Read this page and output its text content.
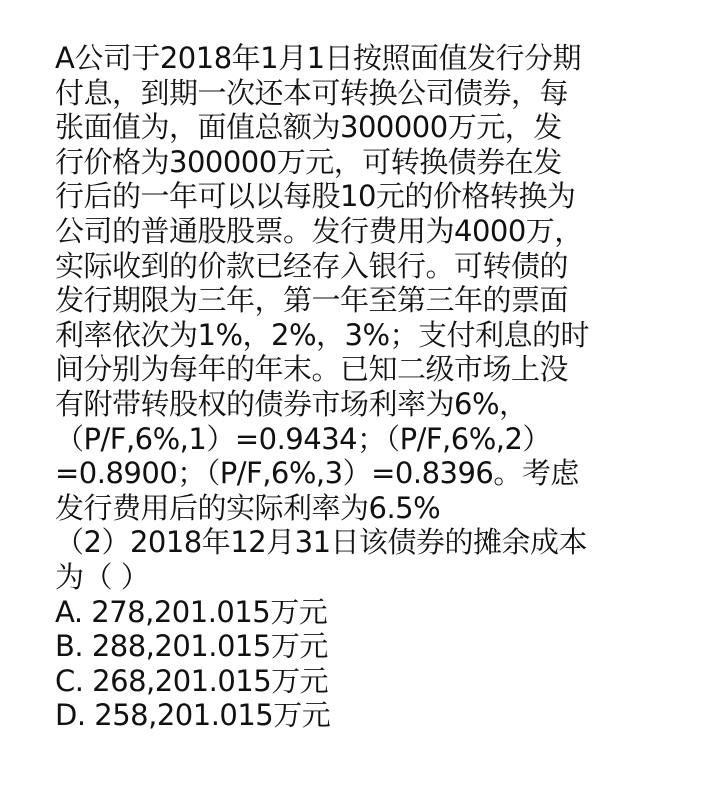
A公司于2018年1月1日按照面值发行分期
付息，到期一次还本可转换公司债券，每
张面值为，面值总额为300000万元，发
行价格为300000万元，可转换债券在发
行后的一年可以以每股10元的价格转换为
公司的普通股股票。发行费用为4000万，
实际收到的价款已经存入银行。可转债的
发行期限为三年，第一年至第三年的票面
利率依次为1%，2%，3%；支付利息的时
间分别为每年的年末。已知二级市场上没
有附带转股权的债券市场利率为6%，
（P/F,6%,1）=0.9434；（P/F,6%,2）
=0.8900；（P/F,6%,3）=0.8396。考虑
发行费用后的实际利率为6.5%
（2）2018年12月31日该债券的摊余成本
为（ ）
A. 278,201.015万元
B. 288,201.015万元
C. 268,201.015万元
D. 258,201.015万元
